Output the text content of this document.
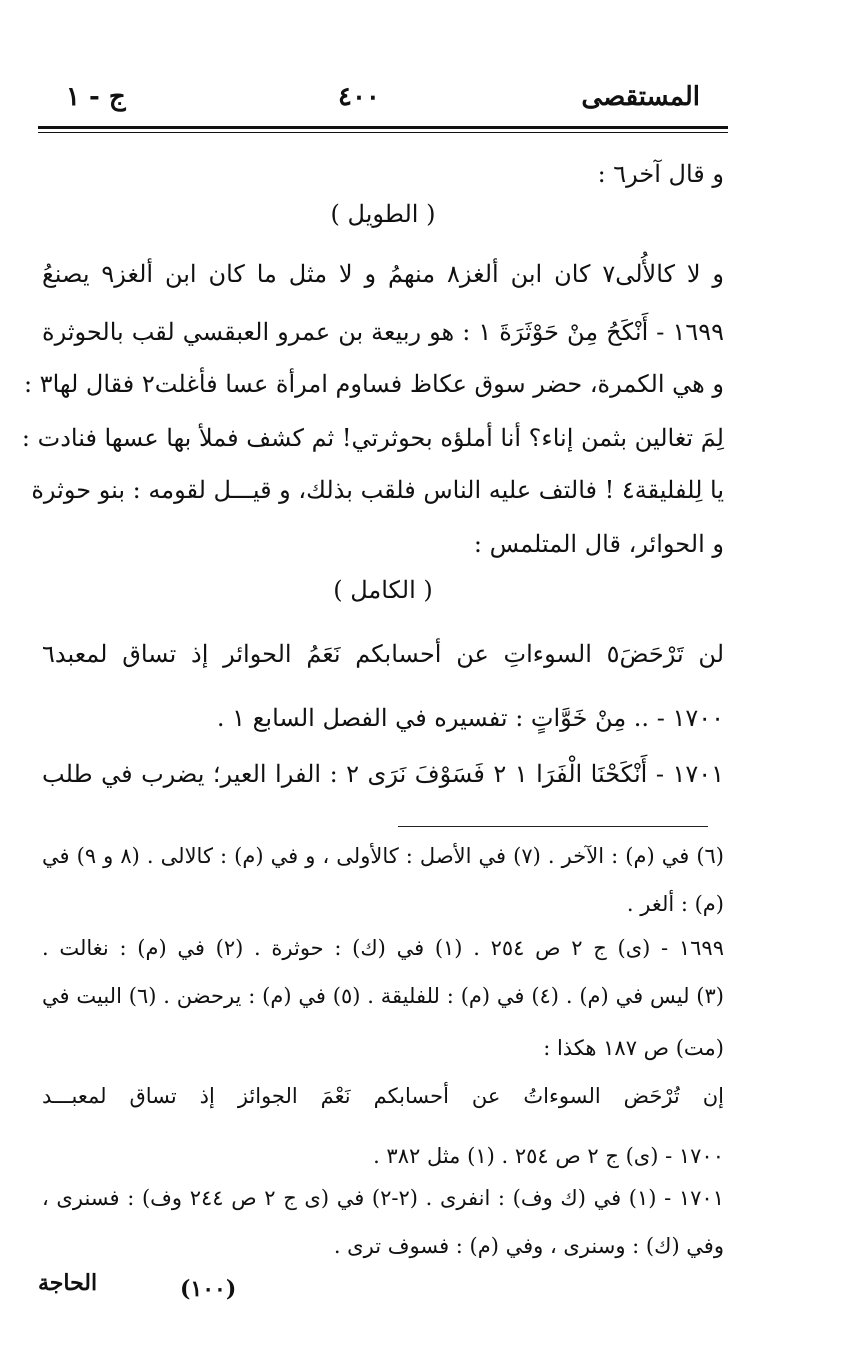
المستقصى
٤٠٠
ج - ١
و قال آخر٦ :
( الطويل )
و لا كالأُلى٧ كان ابن ألغز٨ منهمُ و لا مثل ما كان ابن ألغز٩ يصنعُ
١٦٩٩ - أَنْكَحُ مِنْ حَوْثَرَةَ ١ : هو ربيعة بن عمرو العبقسي لقب بالحوثرة
و هي الكمرة، حضر سوق عكاظ فساوم امرأة عسا فأغلت٢ فقال لها٣ :
لِمَ تغالين بثمن إناء؟ أنا أملؤه بحوثرتي! ثم كشف فملأ بها عسها فنادت :
يا لِلفليقة٤ ! فالتف عليه الناس فلقب بذلك، و قيـــل لقومه : بنو حوثرة
و الحوائر، قال المتلمس :
( الكامل )
لن تَرْحَضَ٥ السوءاتِ عن أحسابكم نَعَمُ الحوائر إذ تساق لمعبد٦
١٧٠٠ - .. مِنْ خَوَّاتٍ : تفسيره في الفصل السابع ١ .
١٧٠١ - أَنْكَحْنَا الْفَرَا ١ ٢ فَسَوْفَ نَرَى ٢ : الفرا العير؛ يضرب في طلب
(٦) في (م) : الآخر . (٧) في الأصل : كالأولى ، و في (م) : كالالى . (٨ و ٩) في
(م) : ألغر .
١٦٩٩ - (ى) ج ٢ ص ٢٥٤ . (١) في (ك) : حوثرة . (٢) في (م) : نغالت .
(٣) ليس في (م) . (٤) في (م) : للفليقة . (٥) في (م) : يرحضن . (٦) البيت في
(مت) ص ١٨٧ هكذا :
إن تُرْحَض السوءاتُ عن أحسابكم نَعْمَ الجوائز إذ تساق لمعبـــد
١٧٠٠ - (ى) ج ٢ ص ٢٥٤ . (١) مثل ٣٨٢ .
١٧٠١ - (١) في (ك وف) : انفرى . (٢-٢) في (ى ج ٢ ص ٢٤٤ وف) : فسنرى ،
وفي (ك) : وسنرى ، وفي (م) : فسوف ترى .
(١٠٠)
الحاجة
